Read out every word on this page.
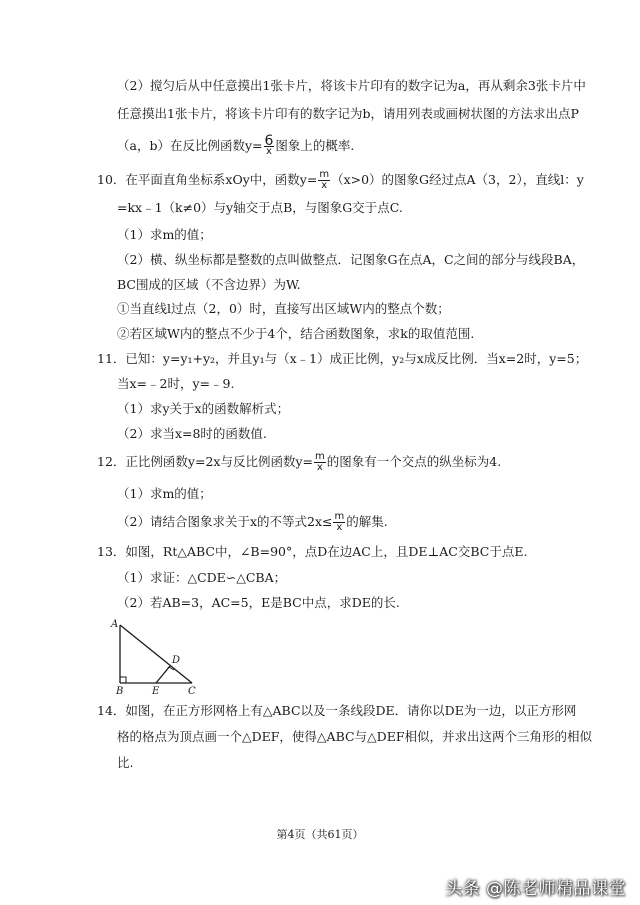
（2）搅匀后从中任意摸出1张卡片，将该卡片印有的数字记为a，再从剩余3张卡片中
任意摸出1张卡片，将该卡片印有的数字记为b，请用列表或画树状图的方法求出点P
（a，b）在反比例函数$y= \frac{6}{x}$ 图象上的概率.
10．在平面直角坐标系xOy中，函数$y= \frac{m}{x} (x>0)$的图象G经过点A（3，2），直线l：y
=kx﹣1（k≠0）与y轴交于点B，与图象G交于点C.
（1）求m的值；
（2）横、纵坐标都是整数的点叫做整点．记图象G在点A，C之间的部分与线段BA，
BC围成的区域（不含边界）为W.
①当直线l过点（2，0）时，直接写出区域W内的整点个数；
②若区域W内的整点不少于4个，结合函数图象，求k的取值范围.
11．已知：y=y₁+y₂，并且y₁与（x﹣1）成正比例，y₂与x成反比例．当x=2时，y=5；
当x=﹣2时，y=﹣9.
（1）求y关于x的函数解析式；
（2）求当x=8时的函数值.
12．正比例函数y=2x与反比例函数$y= \frac{m}{x}$ 的图象有一个交点的纵坐标为4.
（1）求m的值；
（2）请结合图象求关于x的不等式$2x\le \frac{m}{x}$ 的解集.
13．如图，Rt△ABC中，∠B=90°，点D在边AC上，且DE⊥AC交BC于点E.
（1）求证：△CDE∽△CBA；
（2）若AB=3，AC=5，E是BC中点，求DE的长.
A
B	C
D
E
14．如图，在正方形网格上有△ABC以及一条线段DE．请你以DE为一边，以正方形网
格的格点为顶点画一个△DEF，使得△ABC与△DEF相似，并求出这两个三角形的相似
比.
第4页（共61页）
头条 @陈老师精品课堂
